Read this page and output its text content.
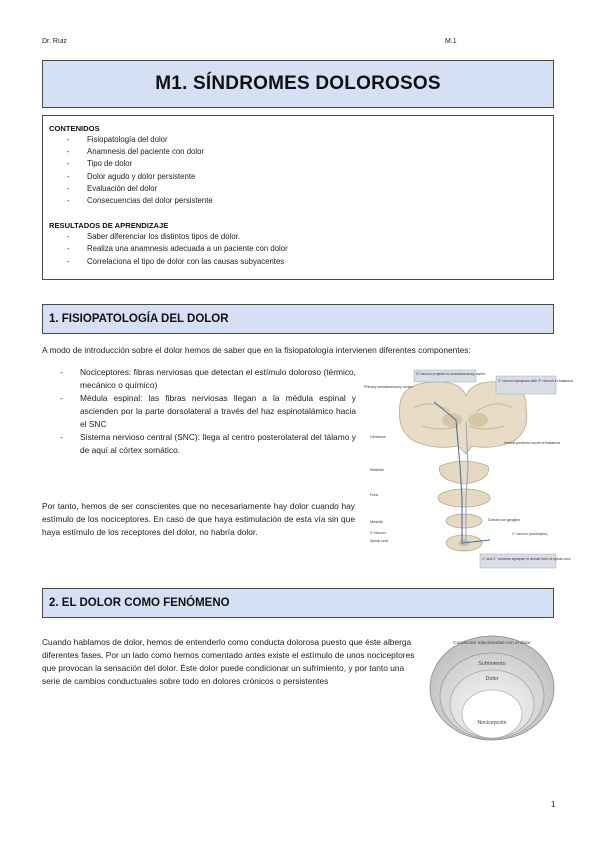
Dr. Ruiz	M.1
M1. SÍNDROMES DOLOROSOS
CONTENIDOS
- Fisiopatología del dolor
- Anamnesis del paciente con dolor
- Tipo de dolor
- Dolor agudo y dolor persistente
- Evaluación del dolor
- Consecuencias del dolor persistente
RESULTADOS DE APRENDIZAJE
- Saber diferenciar los distintos tipos de dolor.
- Realiza una anamnesis adecuada a un paciente con dolor
- Correlaciona el tipo de dolor con las causas subyacentes
1. FISIOPATOLOGÍA DEL DOLOR
A modo de introducción sobre el dolor hemos de saber que en la fisiopatología intervienen diferentes componentes:
- Nociceptores: fibras nerviosas que detectan el estímulo doloroso (térmico, mecánico o químico)
- Médula espinal: las fibras nerviosas llegan a la médula espinal y ascienden por la parte dorsolateral a través del haz espinotalámico hacia el SNC
- Sistema nervioso central (SNC): llega al centro posterolateral del tálamo y de aquí al córtex somático.
Por tanto, hemos de ser conscientes que no necesariamente hay dolor cuando hay estímulo de los nociceptores. En caso de que haya estimulación de esta vía sin que haya estímulo de los receptores del dolor, no habría dolor.
3° neuron projects to somatosensory cortex
Primary somatosensory cortex
2° neuron synapses with 3° neuron in thalamus
Cerebrum
Ventral posterior nuclei of thalamus
Midbrain
Pons
Medulla	Dorsal root ganglion
Spinal cord
1° neuron (nociceptor)
1° and 2° neurons synapse in dorsal horn of spinal cord
2° neuron
2. EL DOLOR COMO FENÓMENO
Cuando hablamos de dolor, hemos de entenderlo como conducta dolorosa puesto que éste alberga diferentes fases. Por un lado como hemos comentado antes existe el estímulo de unos nociceptores que provocan la sensación del dolor. Éste dolor puede condicionar un sufrimiento, y por tanto una serie de cambios conductuales sobre todo en dolores crónicos o persistentes
Conductas relacionadas con el dolor
Sufrimiento
Dolor
Nocicepción
1
